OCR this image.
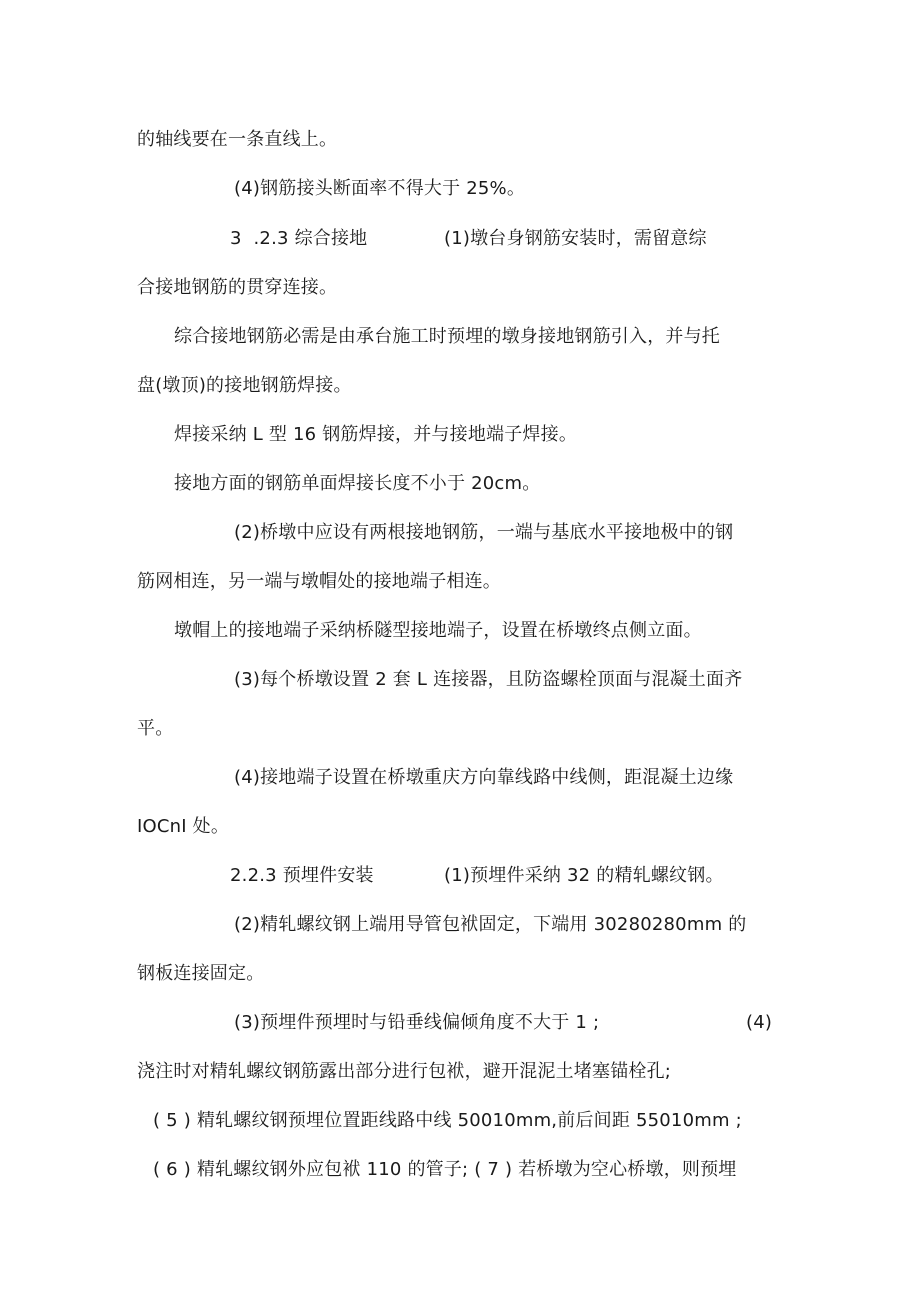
的轴线要在一条直线上。
(4)钢筋接头断面率不得大于 25%。
3  .2.3 综合接地	(1)墩台身钢筋安装时，需留意综
合接地钢筋的贯穿连接。
综合接地钢筋必需是由承台施工时预埋的墩身接地钢筋引入，并与托
盘(墩顶)的接地钢筋焊接。
焊接采纳 L 型 16 钢筋焊接，并与接地端子焊接。
接地方面的钢筋单面焊接长度不小于 20cm。
(2)桥墩中应设有两根接地钢筋，一端与基底水平接地极中的钢
筋网相连，另一端与墩帽处的接地端子相连。
墩帽上的接地端子采纳桥隧型接地端子，设置在桥墩终点侧立面。
(3)每个桥墩设置 2 套 L 连接器，且防盗螺栓顶面与混凝土面齐
平。
(4)接地端子设置在桥墩重庆方向靠线路中线侧，距混凝土边缘
IOCnI 处。
2.2.3 预埋件安装	(1)预埋件采纳 32 的精轧螺纹钢。
(2)精轧螺纹钢上端用导管包袱固定，下端用 30280280mm 的
钢板连接固定。
(3)预埋件预埋时与铅垂线偏倾角度不大于 1 ;	(4)
浇注时对精轧螺纹钢筋露出部分进行包袱，避开混泥土堵塞锚栓孔;
( 5 ) 精轧螺纹钢预埋位置距线路中线 50010mm,前后间距 55010mm ;
( 6 ) 精轧螺纹钢外应包袱 110 的管子; ( 7 ) 若桥墩为空心桥墩，则预埋
